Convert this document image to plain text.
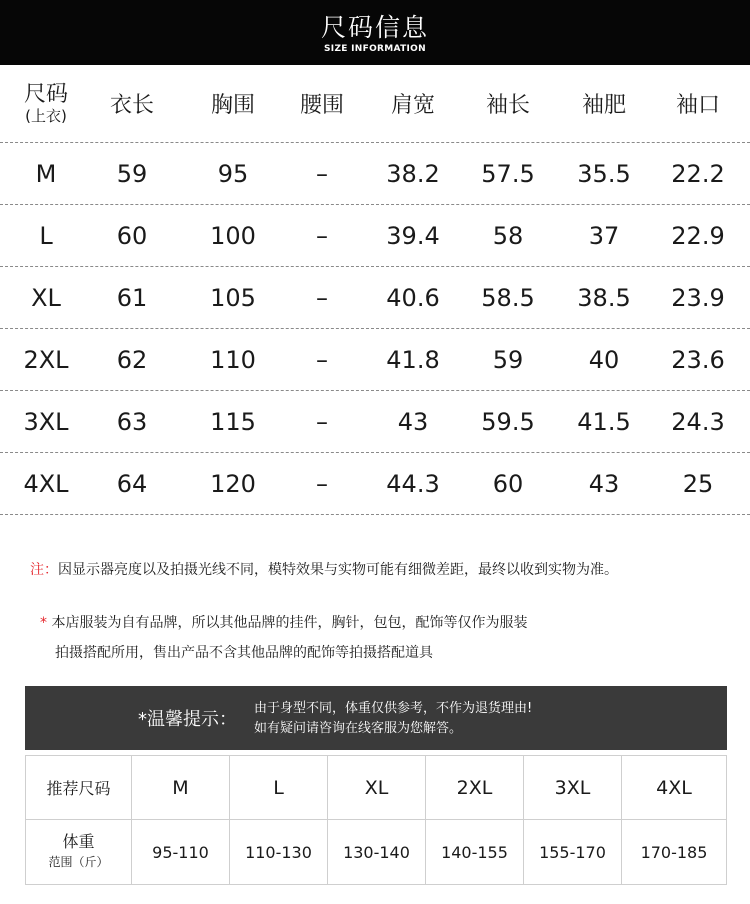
尺码信息
SIZE INFORMATION
尺码
(上衣)	衣长	胸围	腰围	肩宽	袖长	袖肥	袖口
M	59	95	–	38.2	57.5	35.5	22.2
L	60	100	–	39.4	58	37	22.9
XL	61	105	–	40.6	58.5	38.5	23.9
2XL	62	110	–	41.8	59	40	23.6
3XL	63	115	–	43	59.5	41.5	24.3
4XL	64	120	–	44.3	60	43	25
注：因显示器亮度以及拍摄光线不同，模特效果与实物可能有细微差距，最终以收到实物为准。
* 本店服装为自有品牌，所以其他品牌的挂件，胸针，包包，配饰等仅作为服装
拍摄搭配所用，售出产品不含其他品牌的配饰等拍摄搭配道具
*温馨提示：
由于身型不同，体重仅供参考，不作为退货理由!
如有疑问请咨询在线客服为您解答。
推荐尺码	M	L	XL	2XL	3XL	4XL
体重
范围（斤）
95-110	110-130	130-140	140-155	155-170	170-185
